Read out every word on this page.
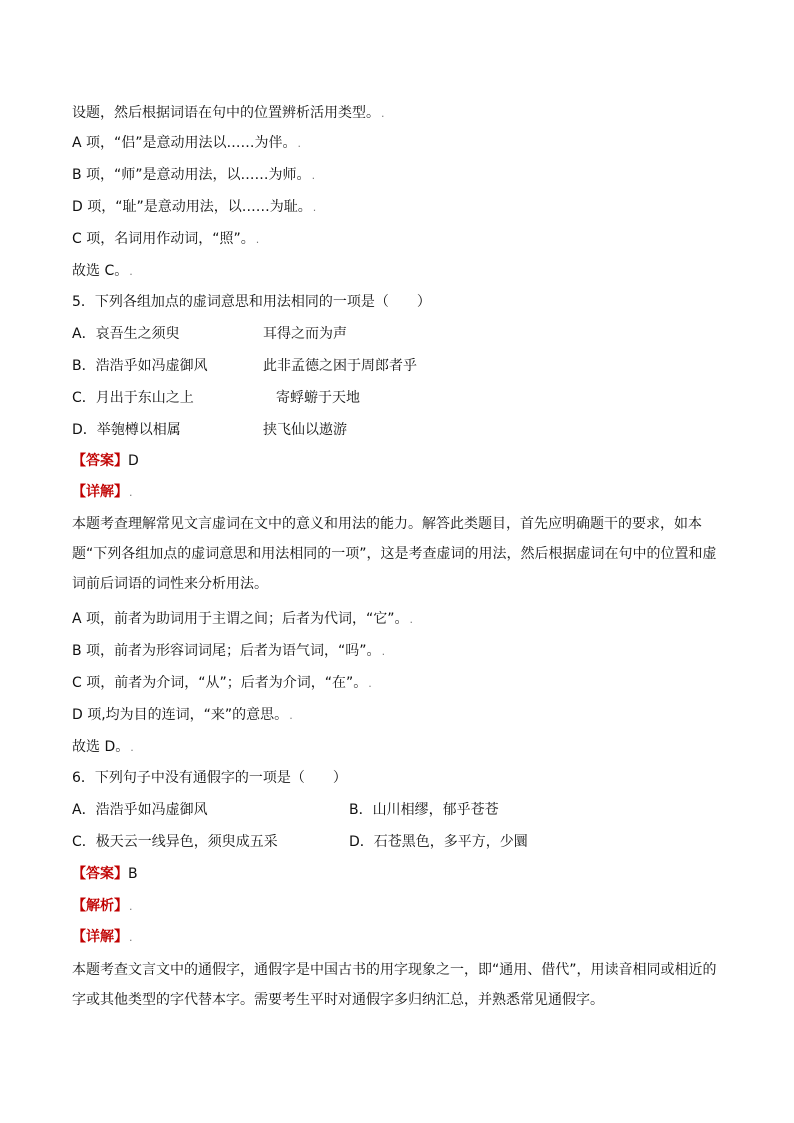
设题，然后根据词语在句中的位置辨析活用类型。.
A 项，“侣”是意动用法以……为伴。.
B 项，“师”是意动用法，以……为师。.
D 项，“耻”是意动用法，以……为耻。.
C 项，名词用作动词，“照”。.
故选 C。.
5．下列各组加点的虚词意思和用法相同的一项是（　　）
A．哀吾生之须臾	耳得之而为声
B．浩浩乎如冯虚御风	此非孟德之困于周郎者乎
C．月出于东山之上	寄蜉蝣于天地
D．举匏樽以相属	挟飞仙以遨游
【答案】D
【详解】.
本题考查理解常见文言虚词在文中的意义和用法的能力。解答此类题目，首先应明确题干的要求，如本题“下列各组加点的虚词意思和用法相同的一项”，这是考查虚词的用法，然后根据虚词在句中的位置和虚词前后词语的词性来分析用法。
A 项，前者为助词用于主谓之间；后者为代词，“它”。.
B 项，前者为形容词词尾；后者为语气词，“吗”。.
C 项，前者为介词，“从”；后者为介词，“在”。.
D 项,均为目的连词，“来”的意思。.
故选 D。.
6．下列句子中没有通假字的一项是（　　）
A．浩浩乎如冯虚御风	B．山川相缪，郁乎苍苍
C．极天云一线异色，须臾成五采	D．石苍黑色，多平方，少圜
【答案】B
【解析】.
【详解】.
本题考查文言文中的通假字，通假字是中国古书的用字现象之一，即“通用、借代”，用读音相同或相近的字或其他类型的字代替本字。需要考生平时对通假字多归纳汇总，并熟悉常见通假字。
